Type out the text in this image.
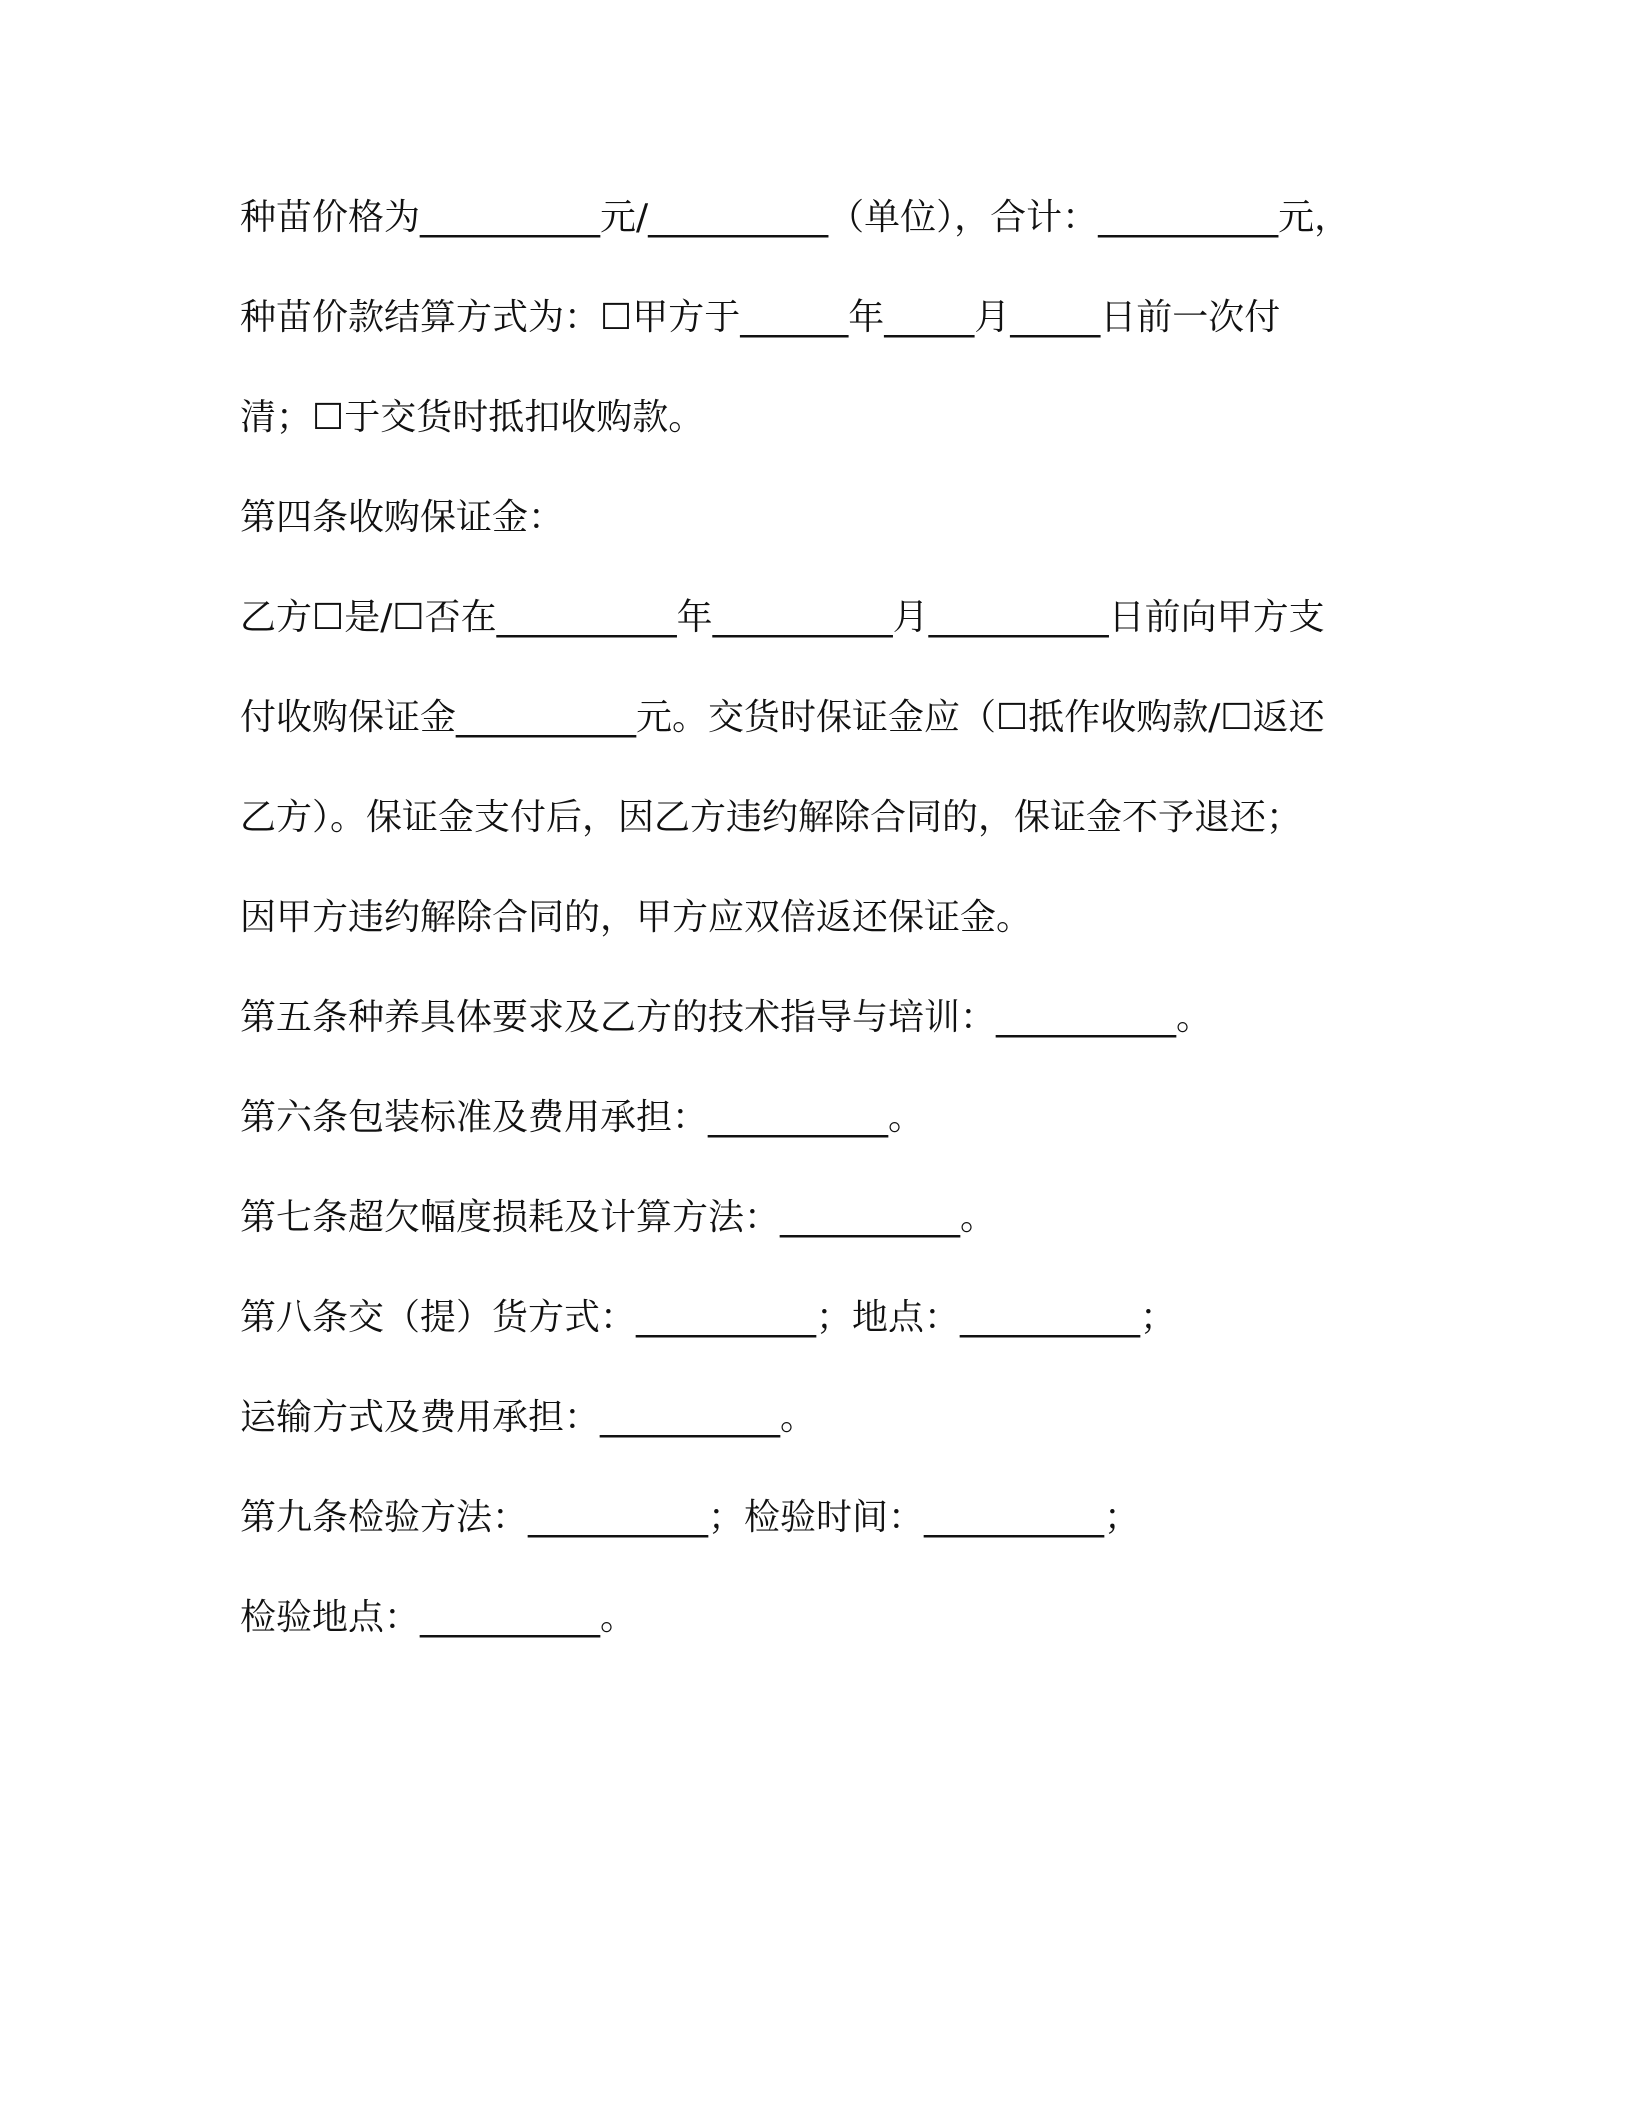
种苗价格为__________元/__________（单位），合计：__________元，
种苗价款结算方式为：☐甲方于______年_____月_____日前一次付
清；☐于交货时抵扣收购款。
第四条收购保证金：
乙方☐是/☐否在__________年__________月__________日前向甲方支
付收购保证金__________元。交货时保证金应（☐抵作收购款/☐返还
乙方）。保证金支付后，因乙方违约解除合同的，保证金不予退还；
因甲方违约解除合同的，甲方应双倍返还保证金。
第五条种养具体要求及乙方的技术指导与培训：__________。
第六条包装标准及费用承担：__________。
第七条超欠幅度损耗及计算方法：__________。
第八条交（提）货方式：__________；地点：__________；
运输方式及费用承担：__________。
第九条检验方法：__________；检验时间：__________；
检验地点：__________。
